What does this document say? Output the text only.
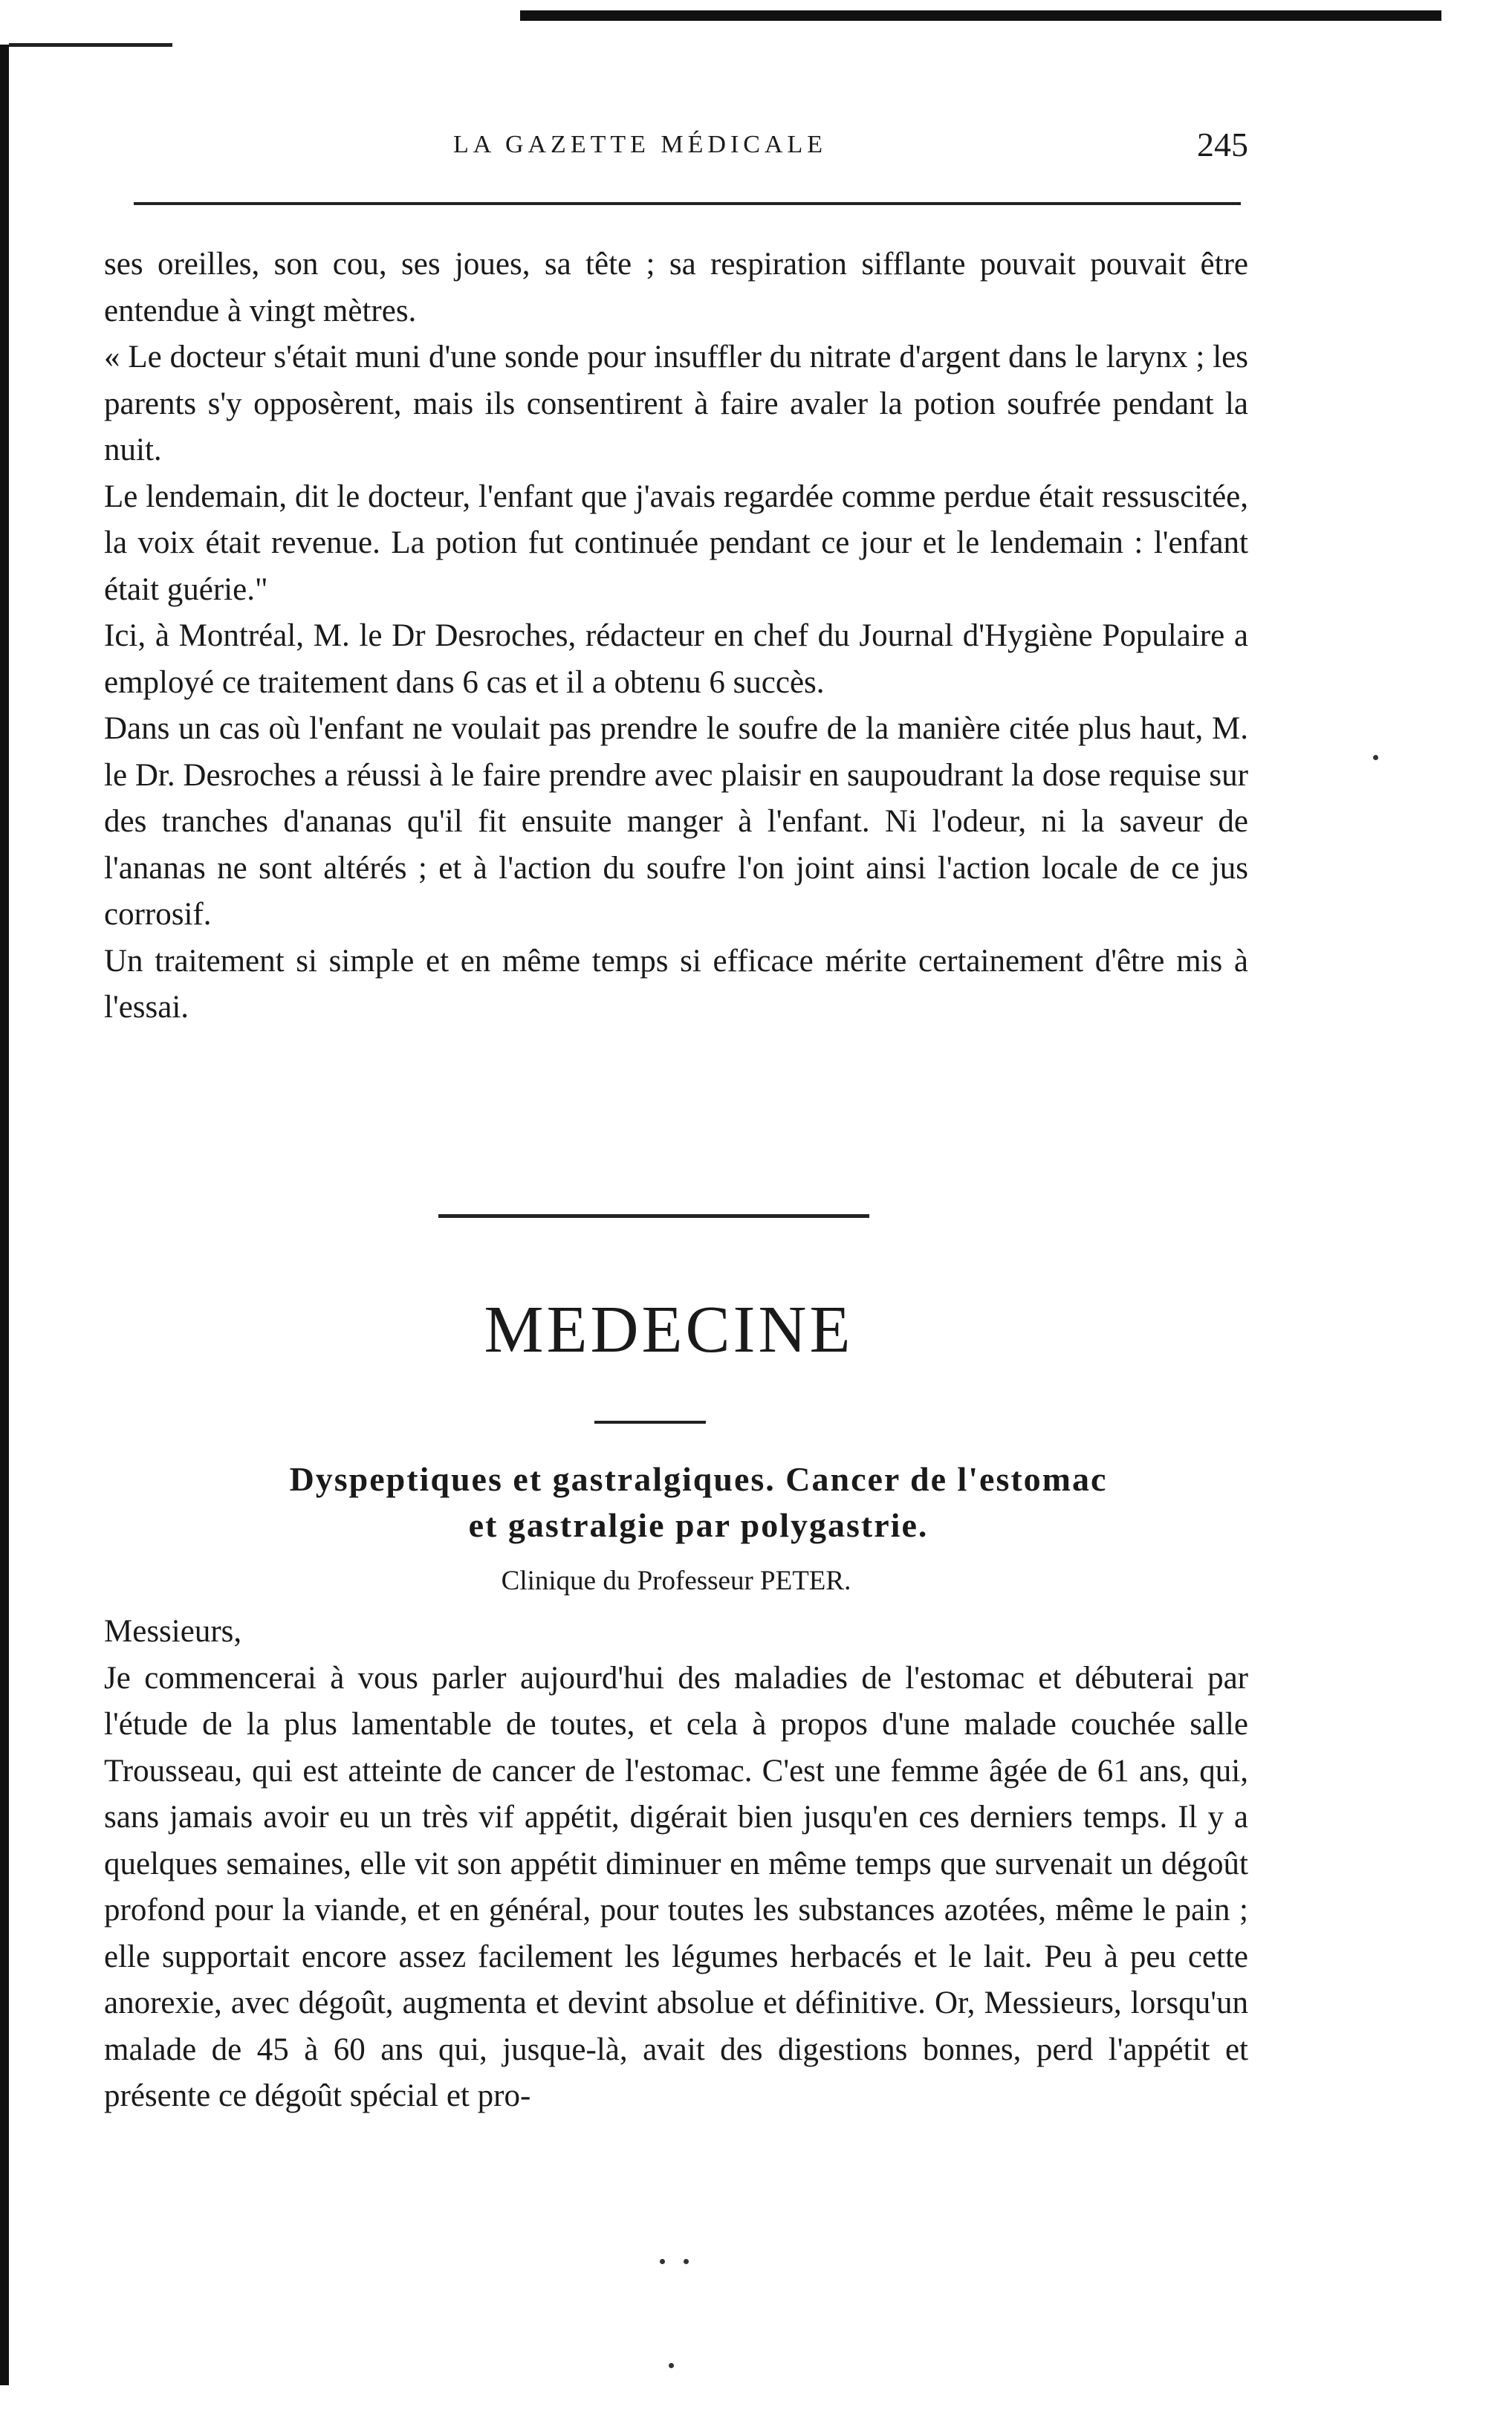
LA GAZETTE MÉDICALE	245

ses oreilles, son cou, ses joues, sa tête ; sa respiration sifflante pouvait pouvait être entendue à vingt mètres.

« Le docteur s'était muni d'une sonde pour insuffler du nitrate d'argent dans le larynx ; les parents s'y opposèrent, mais ils consentirent à faire avaler la potion soufrée pendant la nuit.

Le lendemain, dit le docteur, l'enfant que j'avais regardée comme perdue était ressuscitée, la voix était revenue. La potion fut continuée pendant ce jour et le lendemain : l'enfant était guérie."

Ici, à Montréal, M. le Dr Desroches, rédacteur en chef du Journal d'Hygiène Populaire a employé ce traitement dans 6 cas et il a obtenu 6 succès.

Dans un cas où l'enfant ne voulait pas prendre le soufre de la manière citée plus haut, M. le Dr. Desroches a réussi à le faire prendre avec plaisir en saupoudrant la dose requise sur des tranches d'ananas qu'il fit ensuite manger à l'enfant. Ni l'odeur, ni la saveur de l'ananas ne sont altérés ; et à l'action du soufre l'on joint ainsi l'action locale de ce jus corrosif.

Un traitement si simple et en même temps si efficace mérite certainement d'être mis à l'essai.

MEDECINE
Dyspeptiques et gastralgiques. Cancer de l'estomac
et gastralgie par polygastrie.
Clinique du Professeur PETER.

Messieurs,

Je commencerai à vous parler aujourd'hui des maladies de l'estomac et débuterai par l'étude de la plus lamentable de toutes, et cela à propos d'une malade couchée salle Trousseau, qui est atteinte de cancer de l'estomac. C'est une femme âgée de 61 ans, qui, sans jamais avoir eu un très vif appétit, digérait bien jusqu'en ces derniers temps. Il y a quelques semaines, elle vit son appétit diminuer en même temps que survenait un dégoût profond pour la viande, et en général, pour toutes les substances azotées, même le pain ; elle supportait encore assez facilement les légumes herbacés et le lait. Peu à peu cette anorexie, avec dégoût, augmenta et devint absolue et définitive. Or, Messieurs, lorsqu'un malade de 45 à 60 ans qui, jusque-là, avait des digestions bonnes, perd l'appétit et présente ce dégoût spécial et pro-
